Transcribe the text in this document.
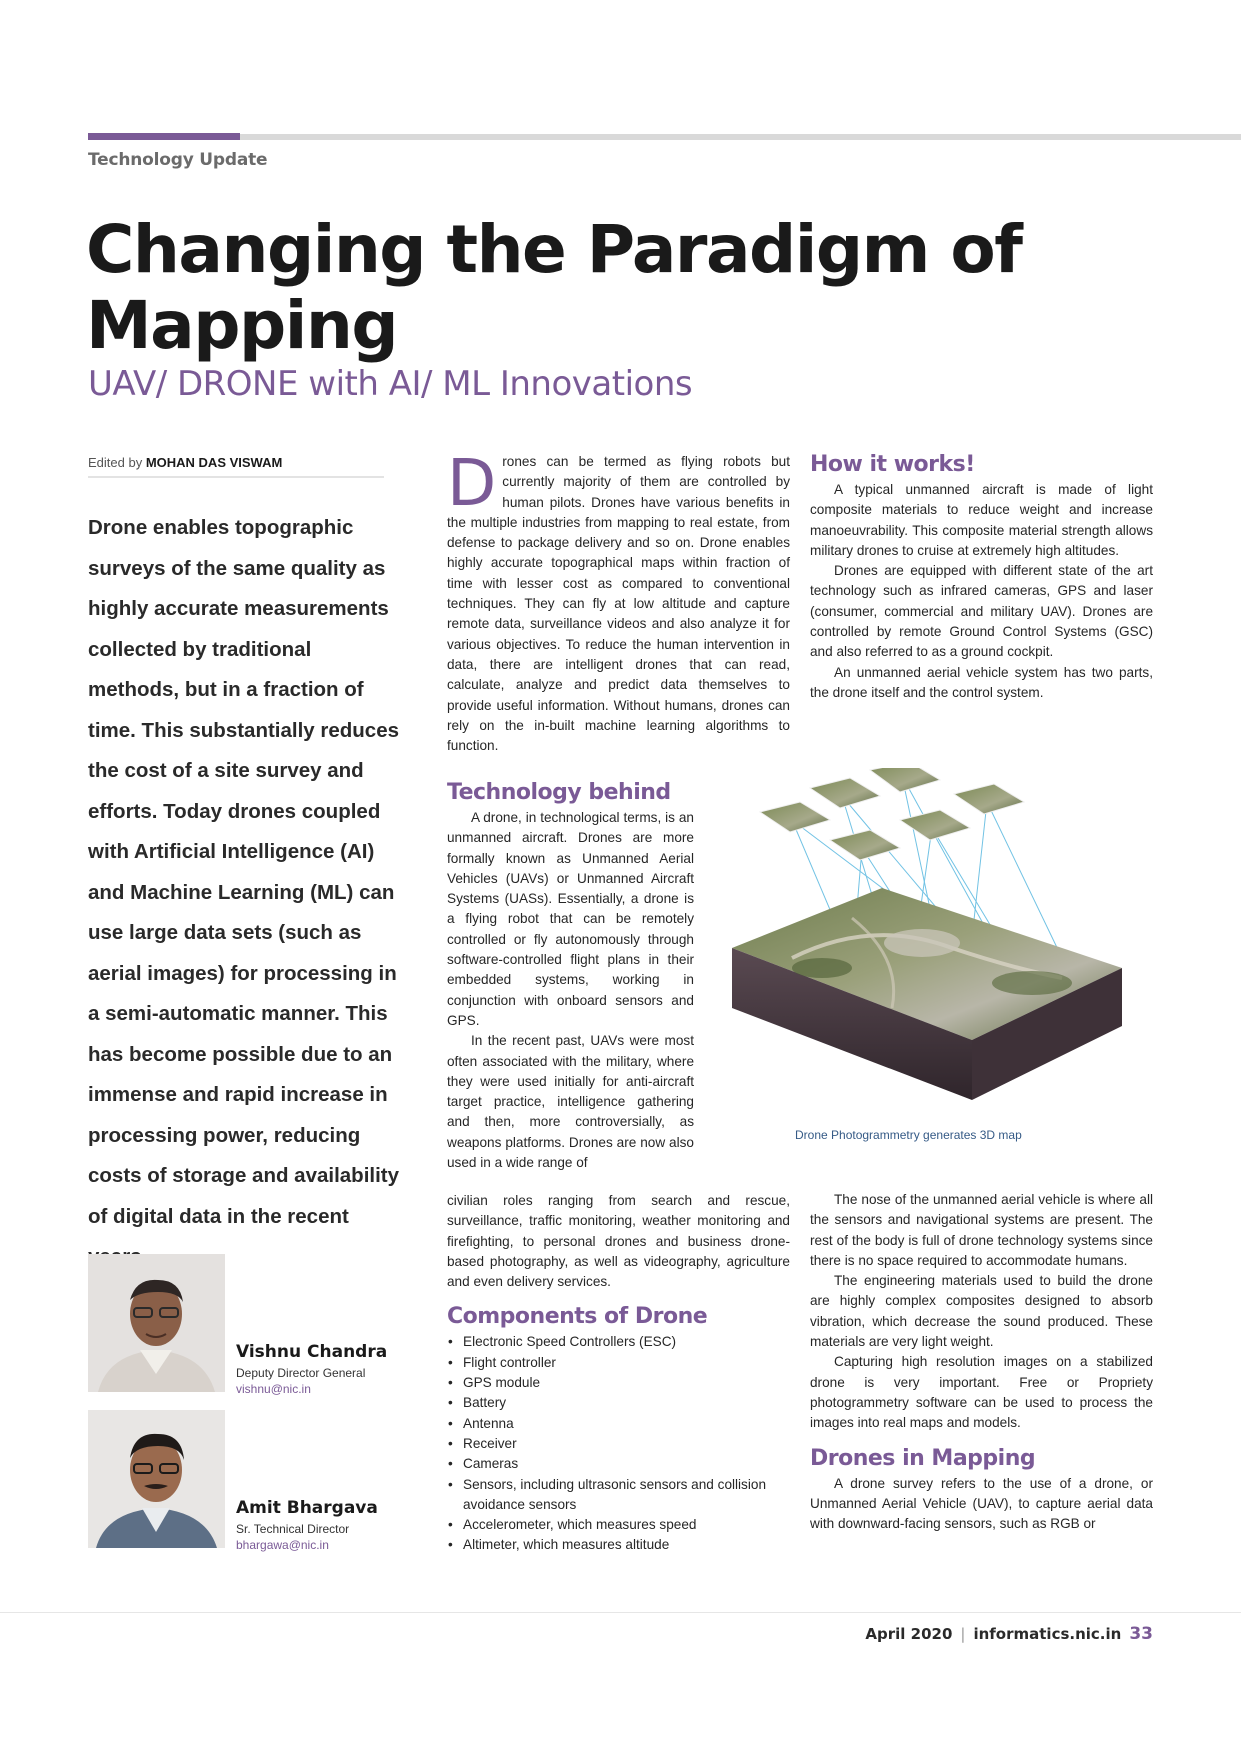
Technology Update
Changing the Paradigm of Mapping
UAV/ DRONE with AI/ ML Innovations
Edited by MOHAN DAS VISWAM
Drone enables topographic surveys of the same quality as highly accurate measurements collected by traditional methods, but in a fraction of time. This substantially reduces the cost of a site survey and efforts. Today drones coupled with Artificial Intelligence (AI) and Machine Learning (ML) can use large data sets (such as aerial images) for processing in a semi-automatic manner. This has become possible due to an immense and rapid increase in processing power, reducing costs of storage and availability of digital data in the recent
Vishnu Chandra
Deputy Director General
vishnu@nic.in
Amit Bhargava
Sr. Technical Director
bhargawa@nic.in

Drones can be termed as flying robots but currently majority of them are controlled by human pilots. Drones have various benefits in the multiple industries from mapping to real estate, from defense to package delivery and so on. Drone enables highly accurate topographical maps within fraction of time with lesser cost as compared to conventional techniques. They can fly at low altitude and capture remote data, surveillance videos and also analyze it for various objectives. To reduce the human intervention in data, there are intelligent drones that can read, calculate, analyze and predict data themselves to provide useful information. Without humans, drones can rely on the in-built machine learning algorithms to function.

Technology behind

A drone, in technological terms, is an unmanned aircraft. Drones are more formally known as Unmanned Aerial Vehicles (UAVs) or Unmanned Aircraft Systems (UASs). Essentially, a drone is a flying robot that can be remotely controlled or fly autonomously through software-controlled flight plans in their embedded systems, working in conjunction with onboard sensors and GPS.

In the recent past, UAVs were most often associated with the military, where they were used initially for anti-aircraft target practice, intelligence gathering and then, more controversially, as weapons platforms. Drones are now also used in a wide range of

civilian roles ranging from search and rescue, surveillance, traffic monitoring, weather monitoring and firefighting, to personal drones and business drone-based photography, as well as videography, agriculture and even delivery services.

Components of Drone
• Electronic Speed Controllers (ESC)
• Flight controller
• GPS module
• Battery
• Antenna
• Receiver
• Cameras
• Sensors, including ultrasonic sensors and collision avoidance sensors
• Accelerometer, which measures speed
• Altimeter, which measures altitude
How it works!

A typical unmanned aircraft is made of light composite materials to reduce weight and increase manoeuvrability. This composite material strength allows military drones to cruise at extremely high altitudes.

Drones are equipped with different state of the art technology such as infrared cameras, GPS and laser (consumer, commercial and military UAV). Drones are controlled by remote Ground Control Systems (GSC) and also referred to as a ground cockpit.

An unmanned aerial vehicle system has two parts, the drone itself and the control system.

Drone Photogrammetry generates 3D map

The nose of the unmanned aerial vehicle is where all the sensors and navigational systems are present. The rest of the body is full of drone technology systems since there is no space required to accommodate humans.

The engineering materials used to build the drone are highly complex composites designed to absorb vibration, which decrease the sound produced. These materials are very light weight.

Capturing high resolution images on a stabilized drone is very important. Free or Propriety photogrammetry software can be used to process the images into real maps and models.

Drones in Mapping

A drone survey refers to the use of a drone, or Unmanned Aerial Vehicle (UAV), to capture aerial data with downward-facing sensors, such as RGB or

April 2020 | informatics.nic.in 33
